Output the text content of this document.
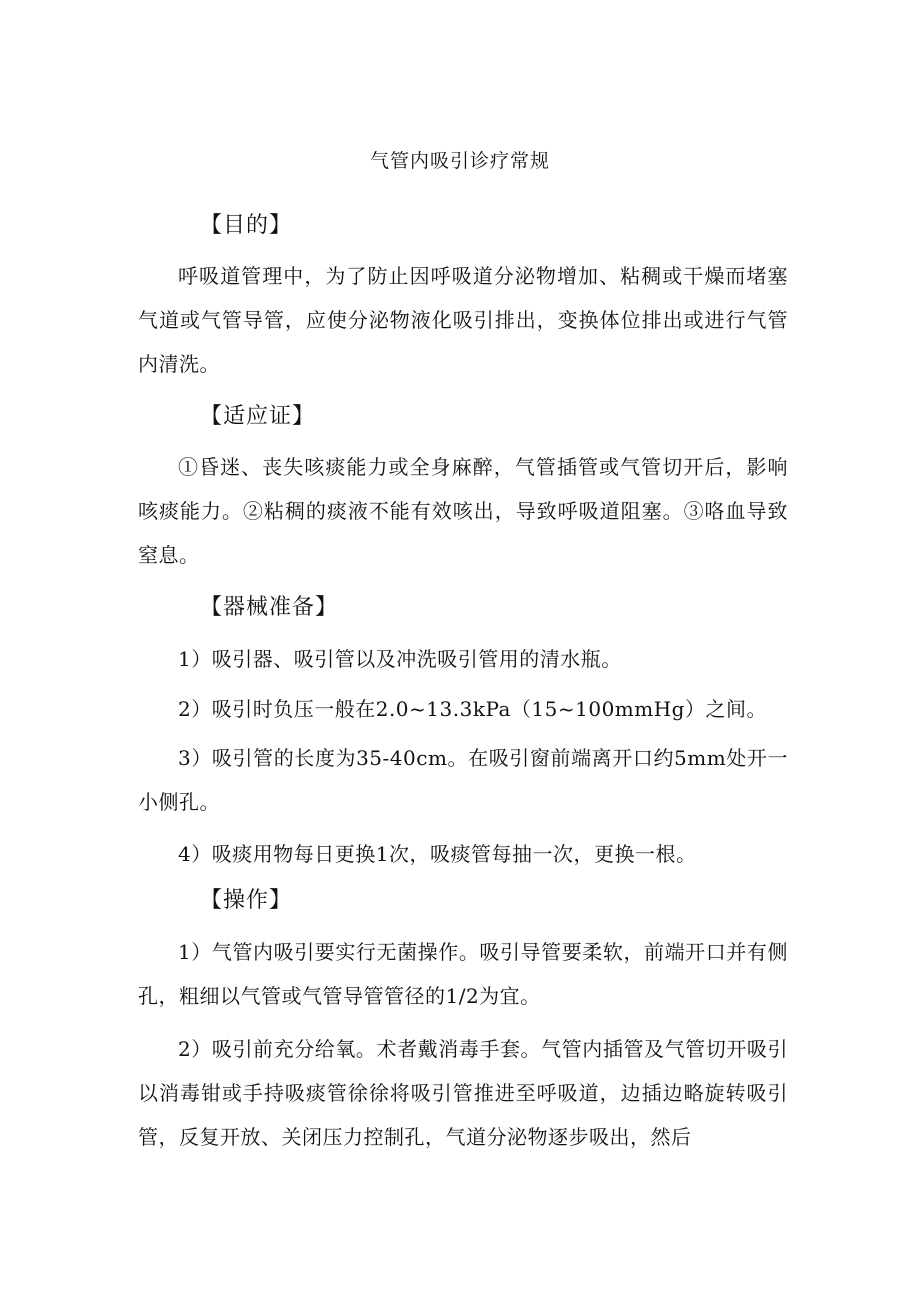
气管内吸引诊疗常规
【目的】

呼吸道管理中，为了防止因呼吸道分泌物增加、粘稠或干燥而堵塞气道或气管导管，应使分泌物液化吸引排出，变换体位排出或进行气管内清洗。

【适应证】

①昏迷、丧失咳痰能力或全身麻醉，气管插管或气管切开后，影响咳痰能力。②粘稠的痰液不能有效咳出，导致呼吸道阻塞。③咯血导致窒息。

【器械准备】

1）吸引器、吸引管以及冲洗吸引管用的清水瓶。

2）吸引时负压一般在2.0~13.3kPa（15~100mmHg）之间。

3）吸引管的长度为35-40cm。在吸引窗前端离开口约5mm处开一小侧孔。

4）吸痰用物每日更换1次，吸痰管每抽一次，更换一根。

【操作】

1）气管内吸引要实行无菌操作。吸引导管要柔软，前端开口并有侧孔，粗细以气管或气管导管管径的1/2为宜。

2）吸引前充分给氧。术者戴消毒手套。气管内插管及气管切开吸引以消毒钳或手持吸痰管徐徐将吸引管推进至呼吸道，边插边略旋转吸引管，反复开放、关闭压力控制孔，气道分泌物逐步吸出，然后
